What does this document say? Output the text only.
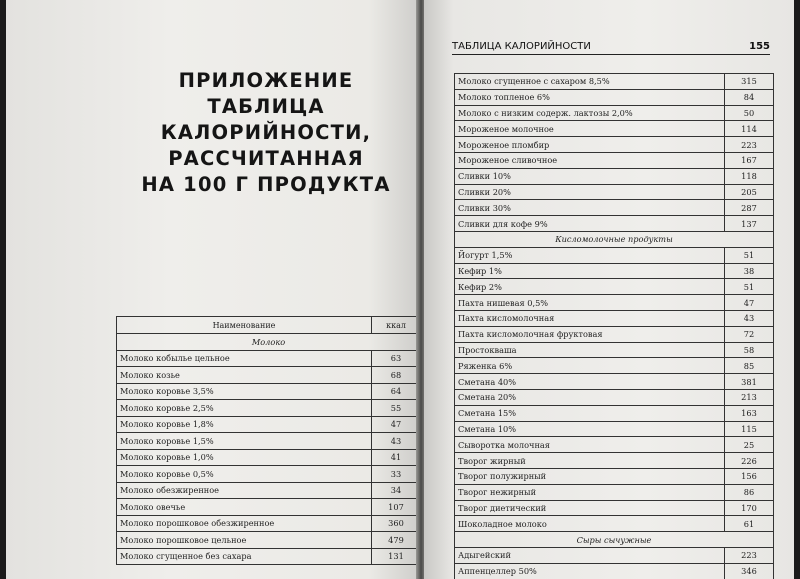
ПРИЛОЖЕНИЕ
ТАБЛИЦА
КАЛОРИЙНОСТИ,
РАССЧИТАННАЯ
НА 100 Г ПРОДУКТА
Наименование	ккал
Молоко	
Молоко кобылье цельное	63
Молоко козье	68
Молоко коровье 3,5%	64
Молоко коровье 2,5%	55
Молоко коровье 1,8%	47
Молоко коровье 1,5%	43
Молоко коровье 1,0%	41
Молоко коровье 0,5%	33
Молоко обезжиренное	34
Молоко овечье	107
Молоко порошковое обезжиренное	360
Молоко порошковое цельное	479
Молоко сгущенное без сахара	131
ТАБЛИЦА КАЛОРИЙНОСТИ	155
Молоко сгущенное с сахаром 8,5%	315
Молоко топленое 6%	84
Молоко с низким содерж. лактозы 2,0%	50
Мороженое молочное	114
Мороженое пломбир	223
Мороженое сливочное	167
Сливки 10%	118
Сливки 20%	205
Сливки 30%	287
Сливки для кофе 9%	137
Кисломолочные продукты	
Йогурт 1,5%	51
Кефир 1%	38
Кефир 2%	51
Пахта нишевая 0,5%	47
Пахта кисломолочная	43
Пахта кисломолочная фруктовая	72
Простокваша	58
Ряженка 6%	85
Сметана 40%	381
Сметана 20%	213
Сметана 15%	163
Сметана 10%	115
Сыворотка молочная	25
Творог жирный	226
Творог полужирный	156
Творог нежирный	86
Творог диетический	170
Шоколадное молоко	61
Сыры сычужные	
Адыгейский	223
Аппенцеллер 50%	346
